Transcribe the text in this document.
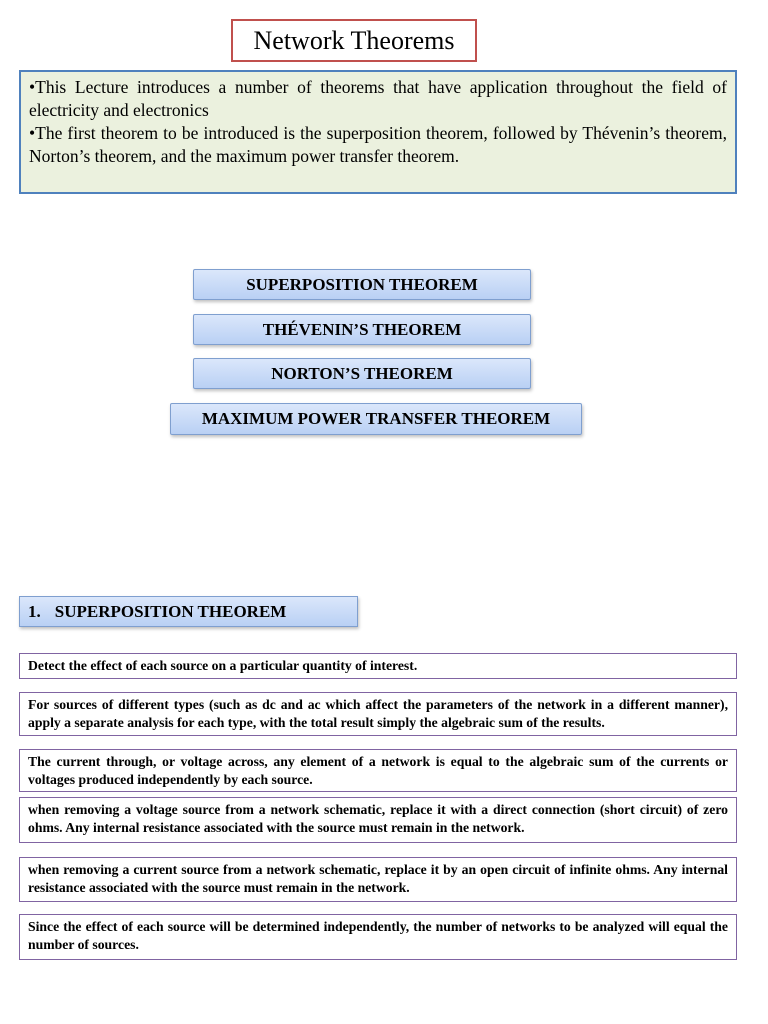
Network Theorems

•This Lecture introduces a number of theorems that have application throughout the field of electricity and electronics

•The first theorem to be introduced is the superposition theorem, followed by Thévenin’s theorem, Norton’s theorem, and the maximum power transfer theorem.

SUPERPOSITION THEOREM
THÉVENIN’S THEOREM
NORTON’S THEOREM
MAXIMUM POWER TRANSFER THEOREM
1. SUPERPOSITION THEOREM
Detect the effect of each source on a particular quantity of interest.
For sources of different types (such as dc and ac which affect the parameters of the network in a different manner), apply a separate analysis for each type, with the total result simply the algebraic sum of the results.
The current through, or voltage across, any element of a network is equal to the algebraic sum of the currents or voltages produced independently by each source.
when removing a voltage source from a network schematic, replace it with a direct connection (short circuit) of zero ohms. Any internal resistance associated with the source must remain in the network.
when removing a current source from a network schematic, replace it by an open circuit of infinite ohms. Any internal resistance associated with the source must remain in the network.
Since the effect of each source will be determined independently, the number of networks to be analyzed will equal the number of sources.
